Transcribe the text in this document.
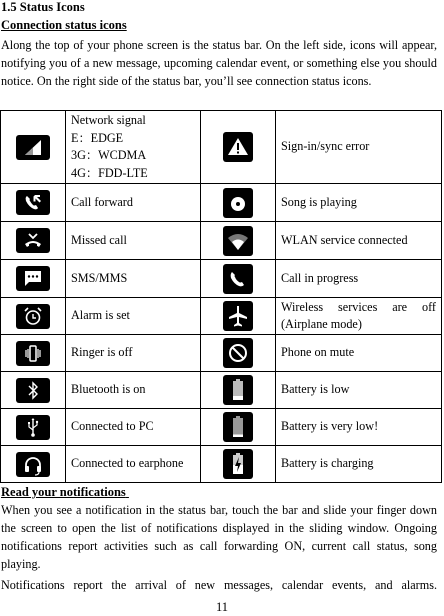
1.5 Status Icons
Connection status icons
Along the top of your phone screen is the status bar. On the left side, icons will appear, notifying you of a new message, upcoming calendar event, or something else you should notice. On the right side of the status bar, you’ll see connection status icons.

Network signal
E：EDGE
3G：WCDMA
4G：FDD-LTE		Sign-in/sync error

	Call forward		Song is playing

	Missed call		WLAN service connected

	SMS/MMS		Call in progress

	Alarm is set		Wireless services are off (Airplane mode)

	Ringer is off		Phone on mute

	Bluetooth is on		Battery is low

	Connected to PC		Battery is very low!

	Connected to earphone		Battery is charging
Read your notifications
When you see a notification in the status bar, touch the bar and slide your finger down the screen to open the list of notifications displayed in the sliding window. Ongoing notifications report activities such as call forwarding ON, current call status, song playing.
Notifications report the arrival of new messages, calendar events, and alarms.
11
